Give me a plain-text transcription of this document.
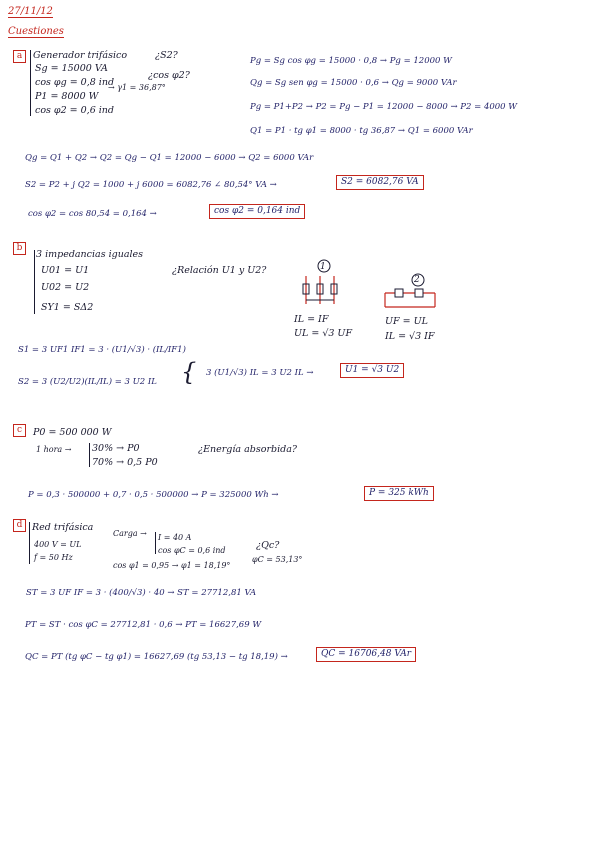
27/11/12
Cuestiones
a	Generador trifásico
Sg = 15000 VA
cos φg = 0,8 ind
→ γ1 = 36,87°
P1 = 8000 W
cos φ2 = 0,6 ind
¿S2?
¿cos φ2?
Pg = Sg cos φg = 15000 · 0,8 → Pg = 12000 W
Qg = Sg sen φg = 15000 · 0,6 → Qg = 9000 VAr
Pg = P1+P2 → P2 = Pg − P1 = 12000 − 8000 → P2 = 4000 W
Q1 = P1 · tg φ1 = 8000 · tg 36,87 → Q1 = 6000 VAr
Qg = Q1 + Q2 → Q2 = Qg − Q1 = 12000 − 6000 → Q2 = 6000 VAr
S2 = P2 + j Q2 = 1000 + j 6000 = 6082,76 ∠ 80,54° VA →	S2 = 6082,76 VA
cos φ2 = cos 80,54 = 0,164 →	cos φ2 = 0,164 ind
b
3 impedancias iguales
U01 = U1
U02 = U2
SY1 = SΔ2
¿Relación U1 y U2?	1
IL = IF
UL = √3 UF
2
UF = UL
IL = √3 IF
S1 = 3 UF1 IF1 = 3 · (U1/√3) · (IL/IF1)
S2 = 3 (U2/U2)(IL/IL) = 3 U2 IL { 3 (U1/√3) IL = 3 U2 IL →	U1 = √3 U2
c	P0 = 500 000 W
1 hora → 30% → P0
70% → 0,5 P0
¿Energía absorbida?
P = 0,3 · 500000 + 0,7 · 0,5 · 500000 → P = 325000 Wh →	P = 325 kWh
d	Red trifásica
400 V = UL
f = 50 Hz
Carga → I = 40 A
cos φC = 0,6 ind
cos φ1 = 0,95 → φ1 = 18,19°
¿Qc?
φC = 53,13°
ST = 3 UF IF = 3 · (400/√3) · 40 → ST = 27712,81 VA
PT = ST · cos φC = 27712,81 · 0,6 → PT = 16627,69 W
QC = PT (tg φC − tg φ1) = 16627,69 (tg 53,13 − tg 18,19) →	QC = 16706,48 VAr
